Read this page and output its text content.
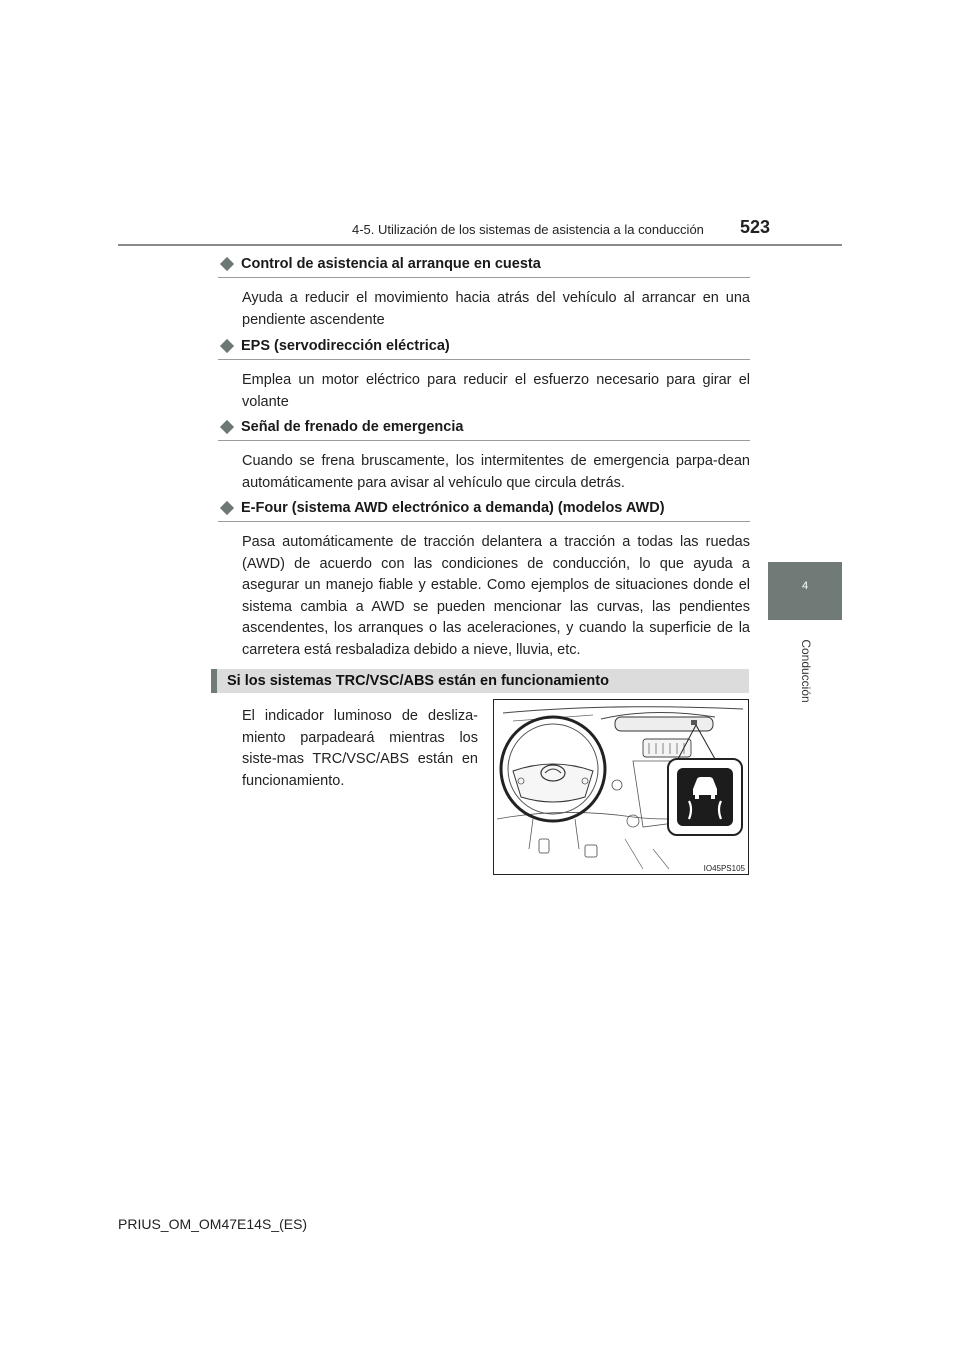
4-5. Utilización de los sistemas de asistencia a la conducción 523
4
Conducción
Control de asistencia al arranque en cuesta
Ayuda a reducir el movimiento hacia atrás del vehículo al arrancar en una pendiente ascendente
EPS (servodirección eléctrica)
Emplea un motor eléctrico para reducir el esfuerzo necesario para girar el volante
Señal de frenado de emergencia
Cuando se frena bruscamente, los intermitentes de emergencia parpa-dean automáticamente para avisar al vehículo que circula detrás.
E-Four (sistema AWD electrónico a demanda) (modelos AWD)
Pasa automáticamente de tracción delantera a tracción a todas las ruedas (AWD) de acuerdo con las condiciones de conducción, lo que ayuda a asegurar un manejo fiable y estable. Como ejemplos de situaciones donde el sistema cambia a AWD se pueden mencionar las curvas, las pendientes ascendentes, los arranques o las aceleraciones, y cuando la superficie de la carretera está resbaladiza debido a nieve, lluvia, etc.
Si los sistemas TRC/VSC/ABS están en funcionamiento
El indicador luminoso de desliza-miento parpadeará mientras los siste-mas TRC/VSC/ABS están en funcionamiento.
IO45PS105
PRIUS_OM_OM47E14S_(ES)
